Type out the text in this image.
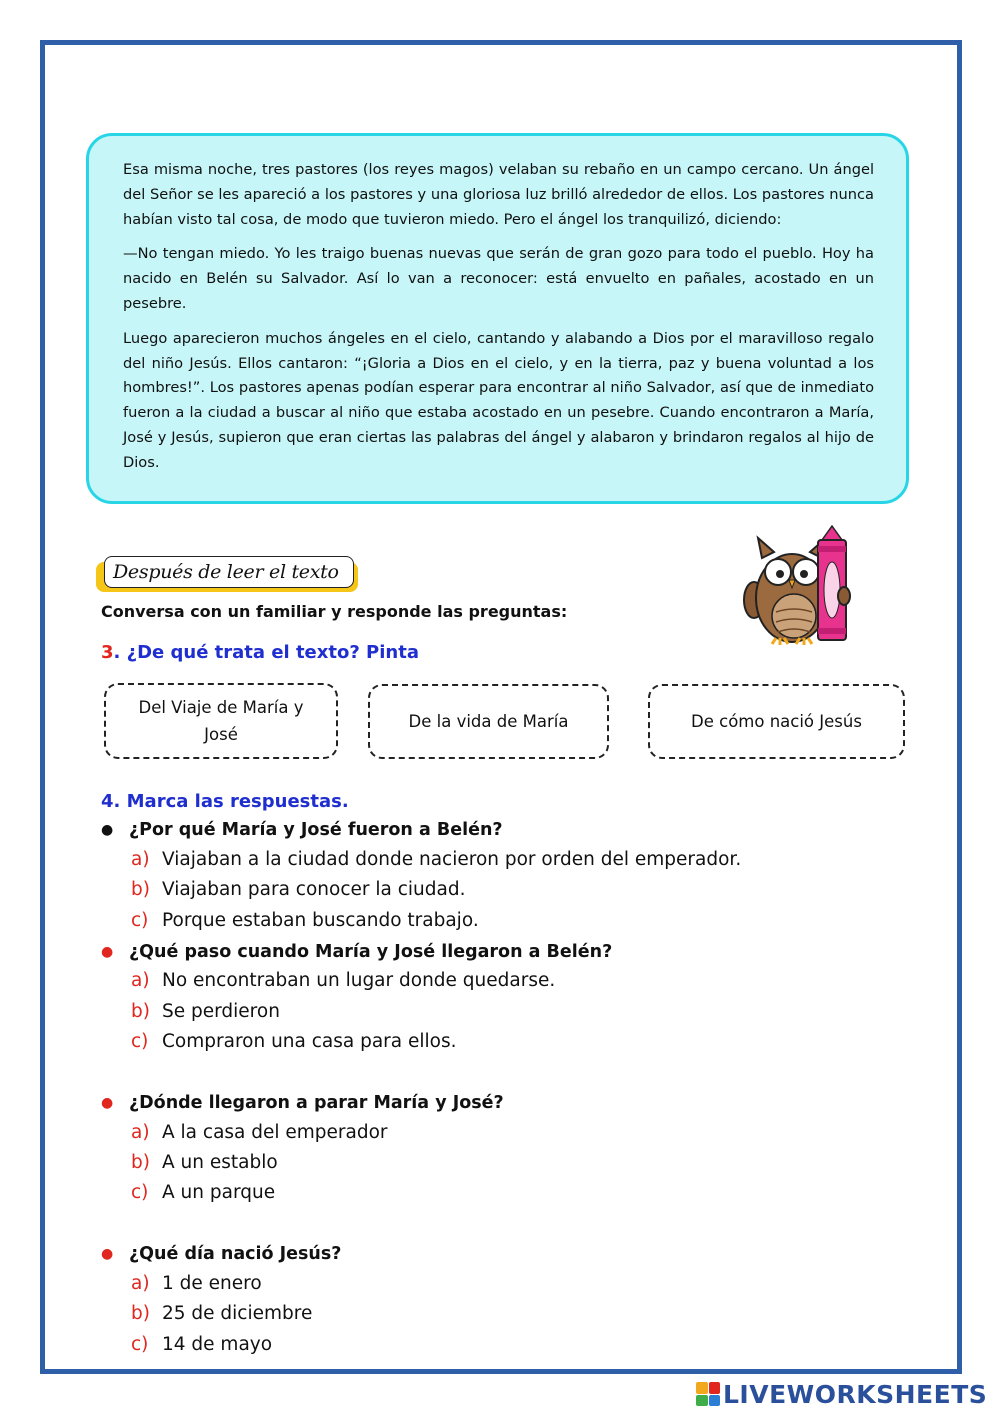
Esa misma noche, tres pastores (los reyes magos) velaban su rebaño en un campo cercano. Un ángel del Señor se les apareció a los pastores y una gloriosa luz brilló alrededor de ellos. Los pastores nunca habían visto tal cosa, de modo que tuvieron miedo. Pero el ángel los tranquilizó, diciendo:

—No tengan miedo. Yo les traigo buenas nuevas que serán de gran gozo para todo el pueblo. Hoy ha nacido en Belén su Salvador. Así lo van a reconocer: está envuelto en pañales, acostado en un pesebre.

Luego aparecieron muchos ángeles en el cielo, cantando y alabando a Dios por el maravilloso regalo del niño Jesús. Ellos cantaron: “¡Gloria a Dios en el cielo, y en la tierra, paz y buena voluntad a los hombres!”. Los pastores apenas podían esperar para encontrar al niño Salvador, así que de inmediato fueron a la ciudad a buscar al niño que estaba acostado en un pesebre. Cuando encontraron a María, José y Jesús, supieron que eran ciertas las palabras del ángel y alabaron y brindaron regalos al hijo de Dios.

Después de leer el texto
Conversa con un familiar y responde las preguntas:
3. ¿De qué trata el texto? Pinta
Del Viaje de María y José
De la vida de María	De cómo nació Jesús
4. Marca las respuestas.
● ¿Por qué María y José fueron a Belén?
a) Viajaban a la ciudad donde nacieron por orden del emperador.
b) Viajaban para conocer la ciudad.
c) Porque estaban buscando trabajo.
● ¿Qué paso cuando María y José llegaron a Belén?
a) No encontraban un lugar donde quedarse.
b) Se perdieron
c) Compraron una casa para ellos.
● ¿Dónde llegaron a parar María y José?
a) A la casa del emperador
b) A un establo
c) A un parque
● ¿Qué día nació Jesús?
a) 1 de enero
b) 25 de diciembre
c) 14 de mayo
LIVEWORKSHEETS
